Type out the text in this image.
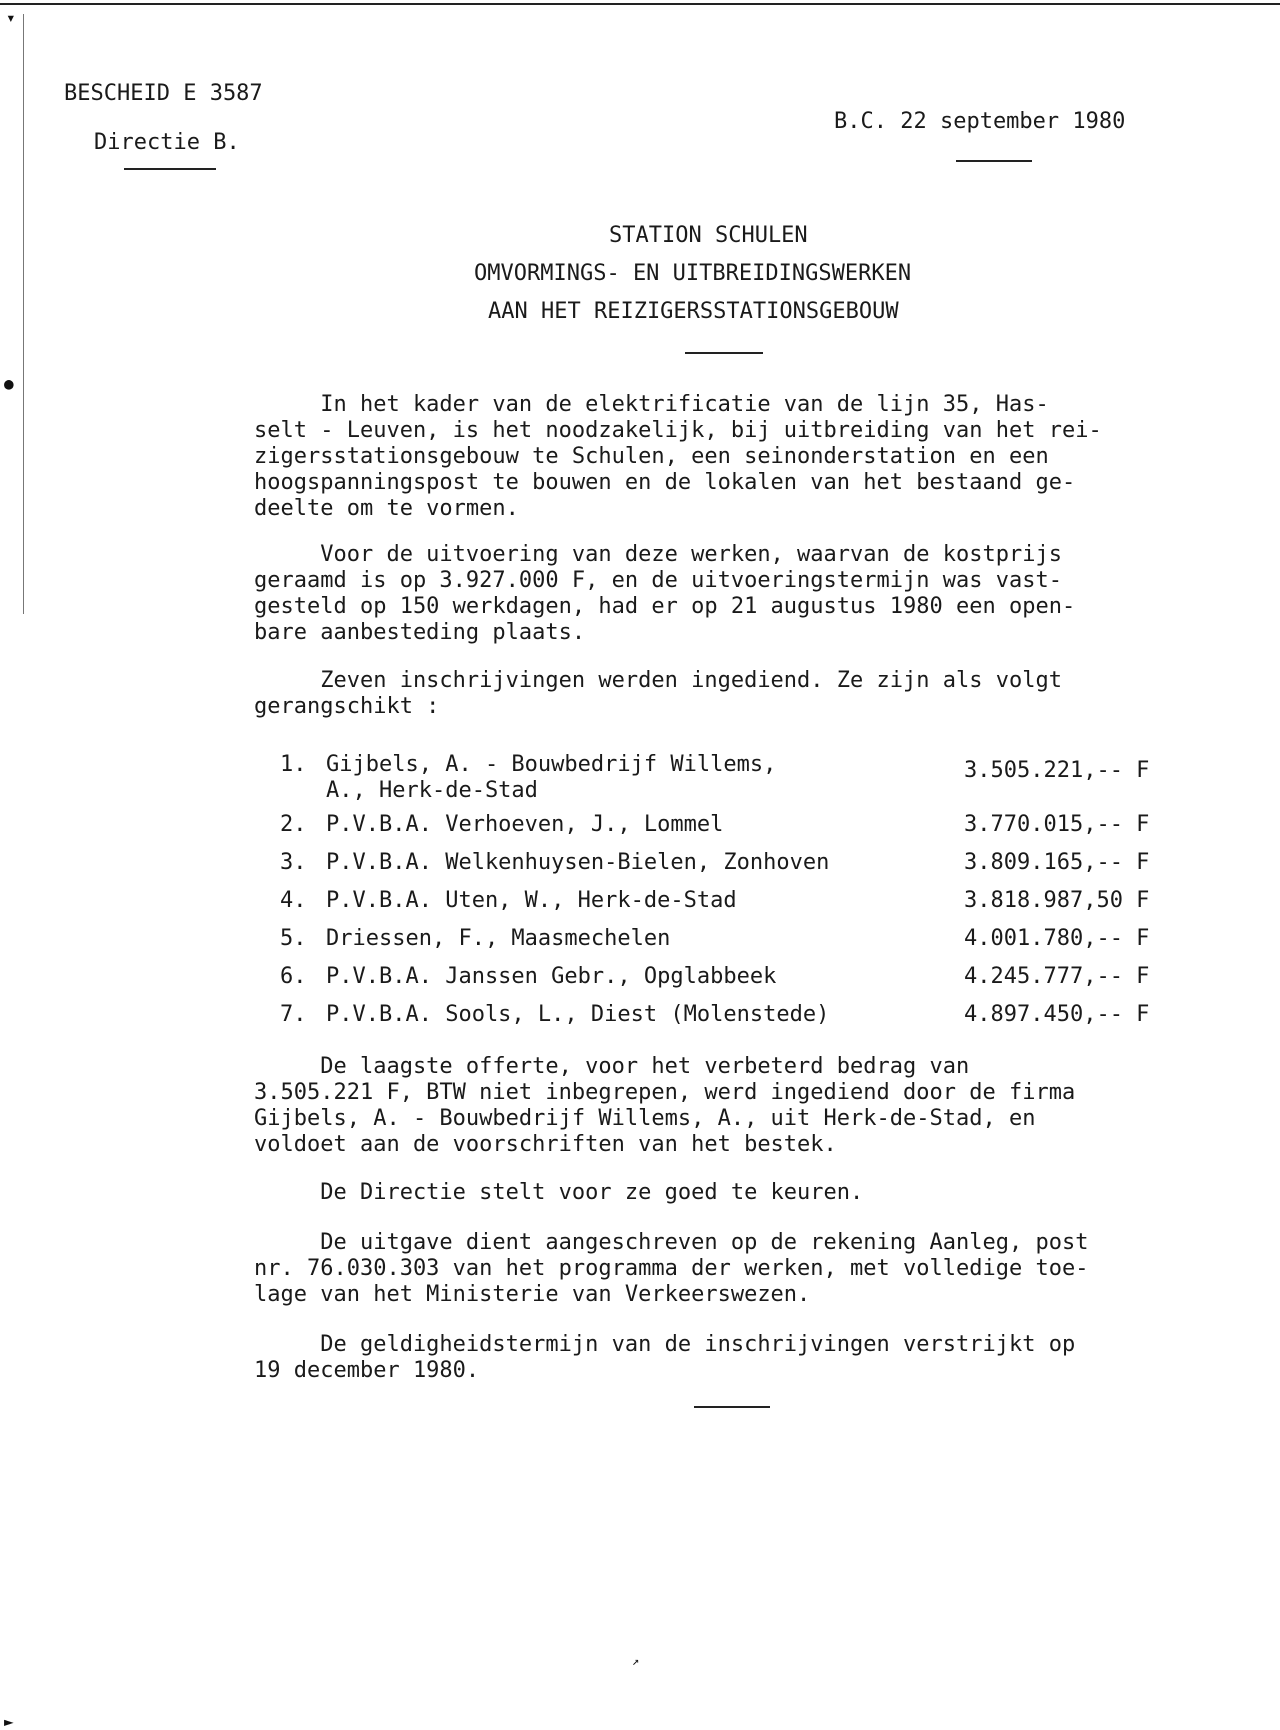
▾
●
►
BESCHEID E 3587
Directie B.
B.C. 22 september 1980
STATION SCHULEN
OMVORMINGS- EN UITBREIDINGSWERKEN
AAN HET REIZIGERSSTATIONSGEBOUW
In het kader van de elektrificatie van de lijn 35, Has-
selt - Leuven, is het noodzakelijk, bij uitbreiding van het rei-
zigersstationsgebouw te Schulen, een seinonderstation en een
hoogspanningspost te bouwen en de lokalen van het bestaand ge-
deelte om te vormen.
Voor de uitvoering van deze werken, waarvan de kostprijs
geraamd is op 3.927.000 F, en de uitvoeringstermijn was vast-
gesteld op 150 werkdagen, had er op 21 augustus 1980 een open-
bare aanbesteding plaats.
Zeven inschrijvingen werden ingediend. Ze zijn als volgt
gerangschikt :
1. Gijbels, A. - Bouwbedrijf Willems,
A., Herk-de-Stad
3.505.221,-- F
2. P.V.B.A. Verhoeven, J., Lommel	3.770.015,-- F
3. P.V.B.A. Welkenhuysen-Bielen, Zonhoven	3.809.165,-- F
4. P.V.B.A. Uten, W., Herk-de-Stad	3.818.987,50 F
5. Driessen, F., Maasmechelen	4.001.780,-- F
6. P.V.B.A. Janssen Gebr., Opglabbeek	4.245.777,-- F
7. P.V.B.A. Sools, L., Diest (Molenstede)	4.897.450,-- F
De laagste offerte, voor het verbeterd bedrag van
3.505.221 F, BTW niet inbegrepen, werd ingediend door de firma
Gijbels, A. - Bouwbedrijf Willems, A., uit Herk-de-Stad, en
voldoet aan de voorschriften van het bestek.
De Directie stelt voor ze goed te keuren.
De uitgave dient aangeschreven op de rekening Aanleg, post
nr. 76.030.303 van het programma der werken, met volledige toe-
lage van het Ministerie van Verkeerswezen.
De geldigheidstermijn van de inschrijvingen verstrijkt op
19 december 1980.
↗
